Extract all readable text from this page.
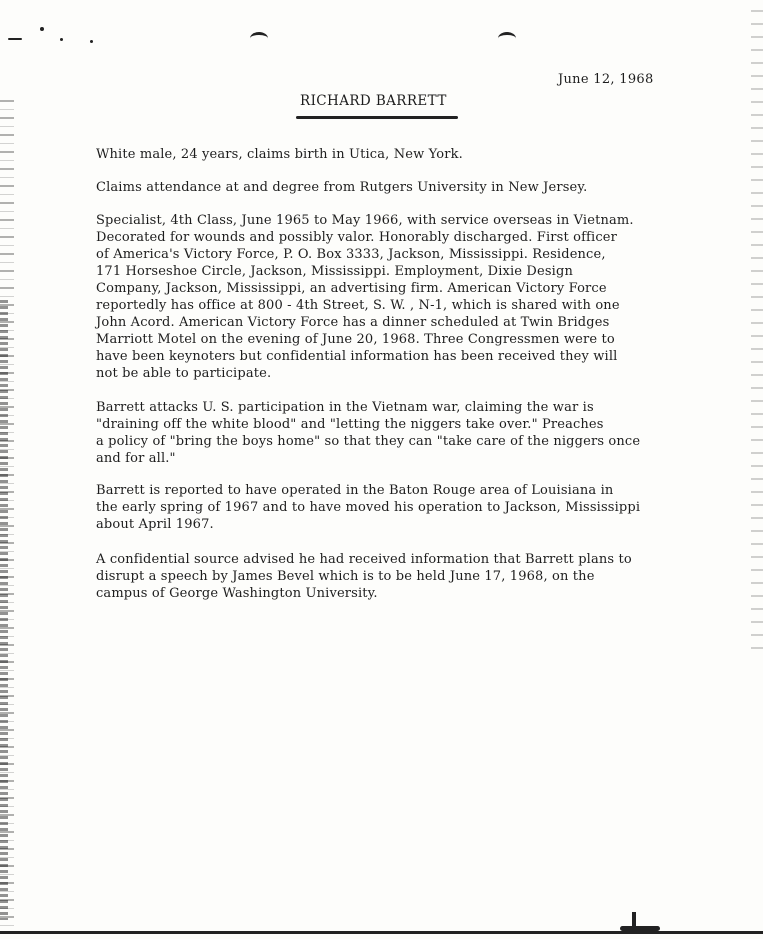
June 12, 1968
RICHARD BARRETT
White male, 24 years, claims birth in Utica, New York.
Claims attendance at and degree from Rutgers University in New Jersey.
Specialist, 4th Class, June 1965 to May 1966, with service overseas in Vietnam.
Decorated for wounds and possibly valor. Honorably discharged. First officer
of America's Victory Force, P. O. Box 3333, Jackson, Mississippi. Residence,
171 Horseshoe Circle, Jackson, Mississippi. Employment, Dixie Design
Company, Jackson, Mississippi, an advertising firm. American Victory Force
reportedly has office at 800 - 4th Street, S. W. , N-1, which is shared with one
John Acord. American Victory Force has a dinner scheduled at Twin Bridges
Marriott Motel on the evening of June 20, 1968. Three Congressmen were to
have been keynoters but confidential information has been received they will
not be able to participate.
Barrett attacks U. S. participation in the Vietnam war, claiming the war is
"draining off the white blood" and "letting the niggers take over." Preaches
a policy of "bring the boys home" so that they can "take care of the niggers once
and for all."
Barrett is reported to have operated in the Baton Rouge area of Louisiana in
the early spring of 1967 and to have moved his operation to Jackson, Mississippi
about April 1967.
A confidential source advised he had received information that Barrett plans to
disrupt a speech by James Bevel which is to be held June 17, 1968, on the
campus of George Washington University.
